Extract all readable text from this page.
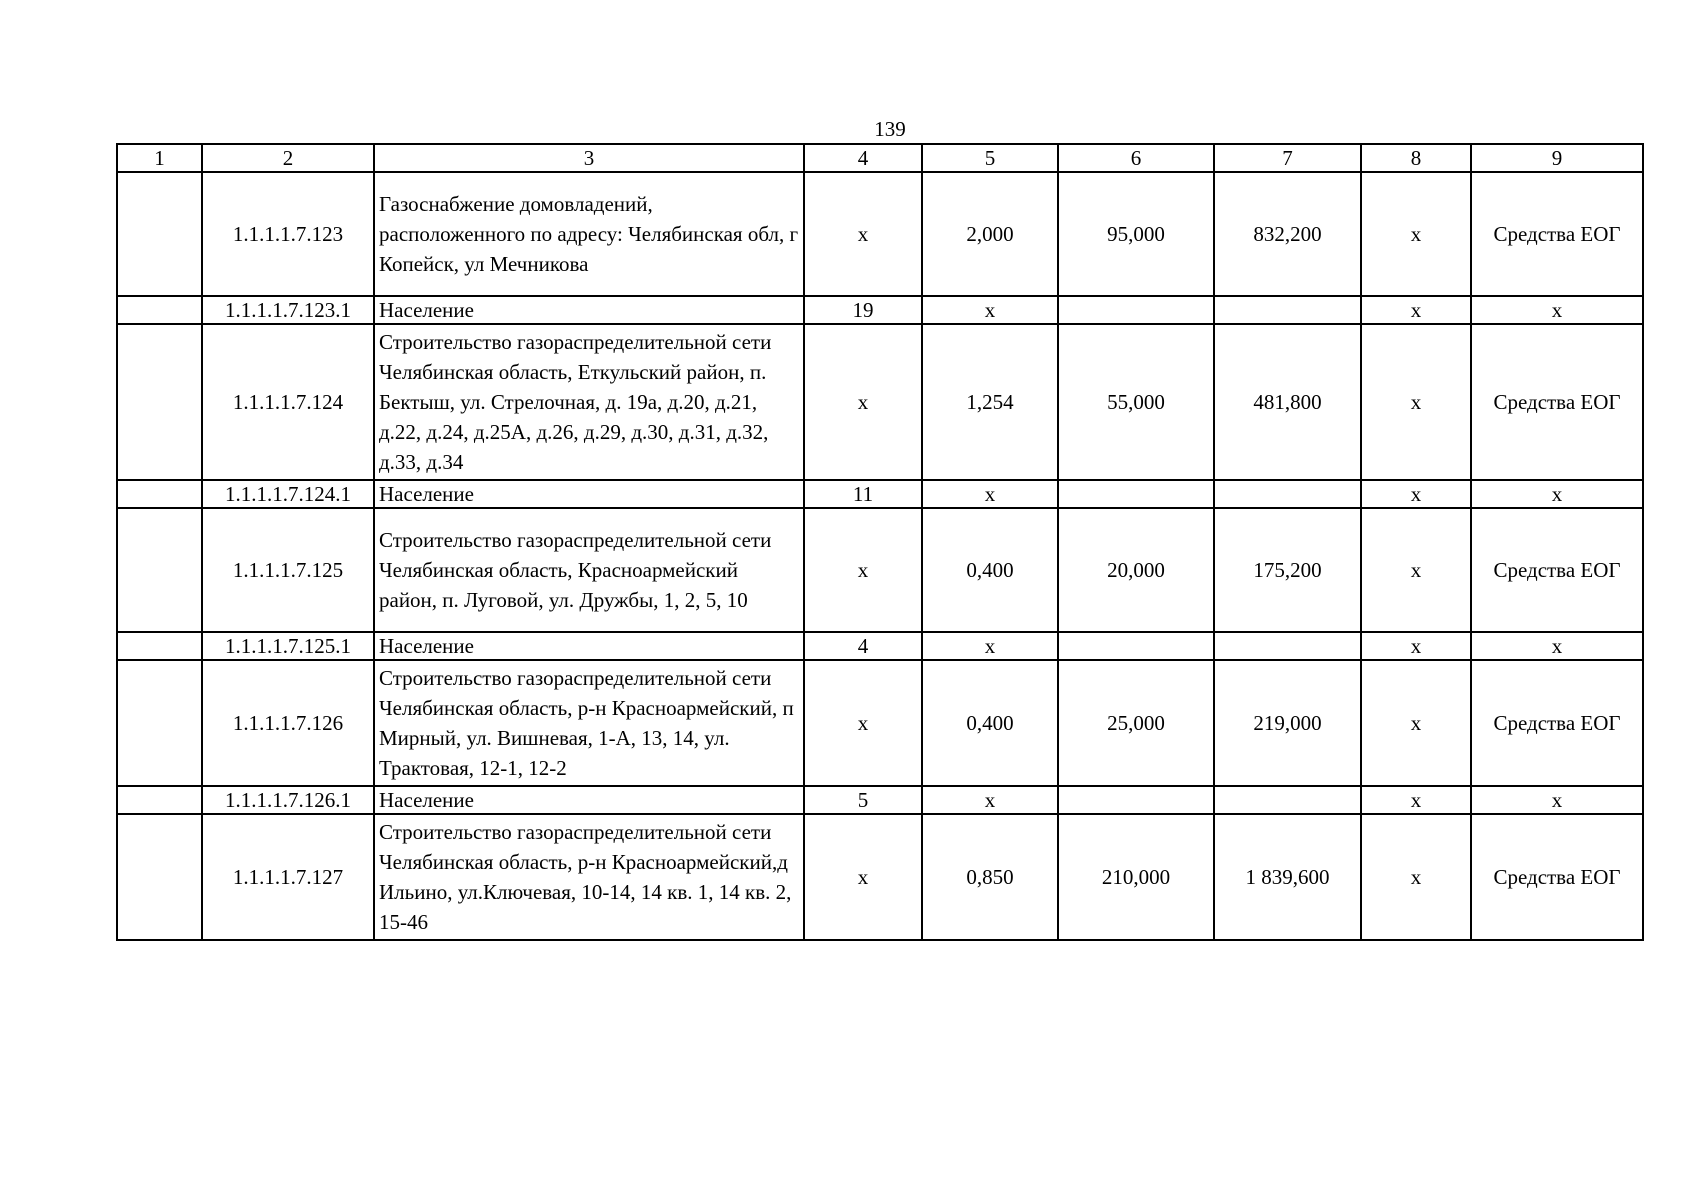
139
1	2	3	4	5	6	7	8	9
	1.1.1.1.7.123	Газоснабжение домовладений, расположенного по адресу: Челябинская обл, г Копейск, ул Мечникова	х	2,000	95,000	832,200	х	Средства ЕОГ
	1.1.1.1.7.123.1	Население	19	х			х	х
	1.1.1.1.7.124	Строительство газораспределительной сети Челябинская область, Еткульский район, п. Бектыш, ул. Стрелочная, д. 19а, д.20, д.21, д.22, д.24, д.25А, д.26, д.29, д.30, д.31, д.32, д.33, д.34	х	1,254	55,000	481,800	х	Средства ЕОГ
	1.1.1.1.7.124.1	Население	11	х			х	х
	1.1.1.1.7.125	Строительство газораспределительной сети Челябинская область, Красноармейский район, п. Луговой, ул. Дружбы, 1, 2, 5, 10	х	0,400	20,000	175,200	х	Средства ЕОГ
	1.1.1.1.7.125.1	Население	4	х			х	х
	1.1.1.1.7.126	Строительство газораспределительной сети Челябинская область, р-н Красноармейский, п Мирный, ул. Вишневая, 1-А, 13, 14, ул. Трактовая, 12-1, 12-2	х	0,400	25,000	219,000	х	Средства ЕОГ
	1.1.1.1.7.126.1	Население	5	х			х	х
	1.1.1.1.7.127	Строительство газораспределительной сети Челябинская область, р-н Красноармейский,д Ильино, ул.Ключевая, 10-14, 14 кв. 1, 14 кв. 2, 15-46	х	0,850	210,000	1 839,600	х	Средства ЕОГ
